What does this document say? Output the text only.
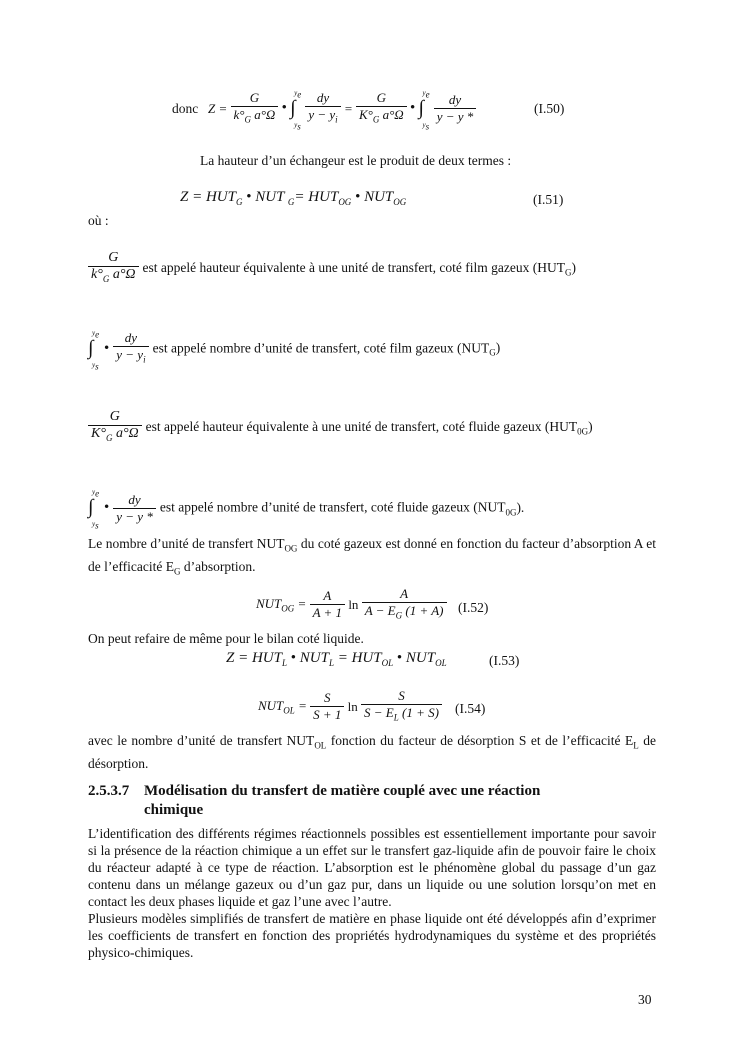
donc $Z = \frac{G}{k^\circ_G a^\circ\Omega}$ • ∫
$y_e$
$y_s$
$\frac{dy}{y - y_i} = \frac{G}{K^\circ_G a^\circ\Omega}$ • ∫
$y_e$
$y_s$

$\frac{dy}{y - y *}$	(I.50)
La hauteur d’un échangeur est le produit de deux termes :
$Z = HUT_G$ • NUT $_G= HUT_{OG}$ • $NUT_{OG}$	(I.51)
où :
$\frac{G}{k^\circ_G a^\circ\Omega}$ est appelé hauteur équivalente à une unité de transfert, coté film gazeux $(HUT_G)$
∫
$y_e$
$y_s$
• $\frac{dy}{y - y_i}$ est appelé nombre d’unité de transfert, coté film gazeux $(NUT_G)$
$\frac{G}{K^\circ_G a^\circ\Omega}$ est appelé hauteur équivalente à une unité de transfert, coté fluide gazeux $(HUT_{0G})$
∫
$y_e$
$y_s$
• $\frac{dy}{y - y *}$ est appelé nombre d’unité de transfert, coté fluide gazeux $(NUT_{0G})$.
Le nombre d’unité de transfert $NUT_{OG}$ du coté gazeux est donné en fonction du facteur d’absorption A et de l’efficacité $E_G$ d’absorption.
$NUT_{OG} = \frac{A}{A + 1}$ $\ln \frac{A}{A - E_G (1 + A)} (I.52)$
On peut refaire de même pour le bilan coté liquide.
$Z = HUT_L$ • $NUT_L = HUT_{OL}$ • $NUT_{OL}$	(I.53)
$NUT_{OL} = \frac{S}{S + 1}$ $\ln \frac{S}{S - E_L (1 + S)} (I.54)$
avec le nombre d’unité de transfert $NUT_{OL}$ fonction du facteur de désorption S et de l’efficacité $E_L$ de désorption.
2.5.3.7 Modélisation du transfert de matière couplé avec une réaction chimique
L’identification des différents régimes réactionnels possibles est essentiellement importante pour savoir si la présence de la réaction chimique a un effet sur le transfert gaz-liquide afin de pouvoir faire le choix du réacteur adapté à ce type de réaction. L’absorption est le phénomène global du passage d’un gaz contenu dans un mélange gazeux ou d’un gaz pur, dans un liquide ou une solution lorsqu’on met en contact les deux phases liquide et gaz l’une avec l’autre.
Plusieurs modèles simplifiés de transfert de matière en phase liquide ont été développés afin d’exprimer les coefficients de transfert en fonction des propriétés hydrodynamiques du système et des propriétés physico-chimiques.
30
